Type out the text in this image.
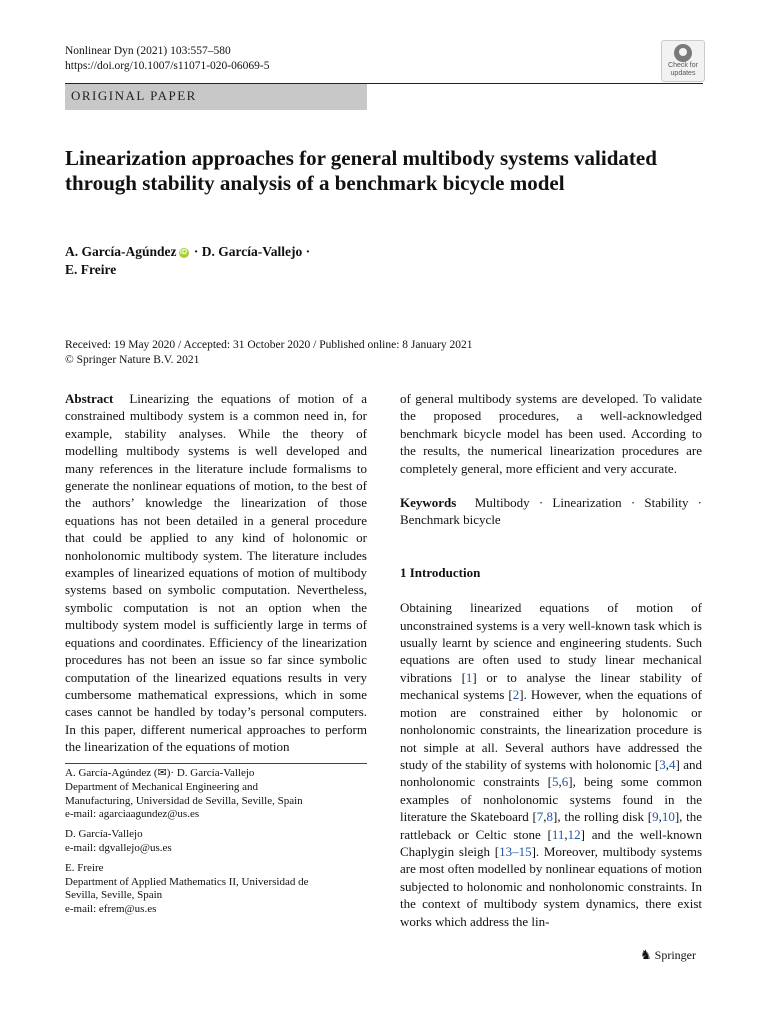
Nonlinear Dyn (2021) 103:557–580
https://doi.org/10.1007/s11071-020-06069-5	Check for
updates
ORIGINAL PAPER
Linearization approaches for general multibody systems validated through stability analysis of a benchmark bicycle model
A. García-Agúndez iD · D. García-Vallejo ·
E. Freire
Received: 19 May 2020 / Accepted: 31 October 2020 / Published online: 8 January 2021
© Springer Nature B.V. 2021

Abstract Linearizing the equations of motion of a constrained multibody system is a common need in, for example, stability analyses. While the theory of modelling multibody systems is well developed and many references in the literature include formalisms to generate the nonlinear equations of motion, to the best of the authors’ knowledge the linearization of those equations has not been detailed in a general procedure that could be applied to any kind of holonomic or nonholonomic multibody system. The literature includes examples of linearized equations of motion of multibody systems based on symbolic computation. Nevertheless, symbolic computation is not an option when the multibody system model is sufficiently large in terms of equations and coordinates. Efficiency of the linearization procedures has not been an issue so far since symbolic computation of the linearized equations results in very cumbersome mathematical expressions, which in some cases cannot be handled by today’s personal computers. In this paper, different numerical approaches to perform the linearization of the equations of motion

A. García-Agúndez (✉)· D. García-Vallejo
Department of Mechanical Engineering and
Manufacturing, Universidad de Sevilla, Seville, Spain
e-mail: agarciaagundez@us.es

D. García-Vallejo
e-mail: dgvallejo@us.es

E. Freire
Department of Applied Mathematics II, Universidad de
Sevilla, Seville, Spain
e-mail: efrem@us.es

of general multibody systems are developed. To validate the proposed procedures, a well-acknowledged benchmark bicycle model has been used. According to the results, the numerical linearization procedures are completely general, more efficient and very accurate.

Keywords Multibody · Linearization · Stability · Benchmark bicycle

1 Introduction

Obtaining linearized equations of motion of unconstrained systems is a very well-known task which is usually learnt by science and engineering students. Such equations are often used to study linear mechanical vibrations [1] or to analyse the linear stability of mechanical systems [2]. However, when the equations of motion are constrained either by holonomic or nonholonomic constraints, the linearization procedure is not simple at all. Several authors have addressed the study of the stability of systems with holonomic [3,4] and nonholonomic constraints [5,6], being some common examples of nonholonomic systems found in the literature the Skateboard [7,8], the rolling disk [9,10], the rattleback or Celtic stone [11,12] and the well-known Chaplygin sleigh [13–15]. Moreover, multibody systems are most often modelled by nonlinear equations of motion subjected to holonomic and nonholonomic constraints. In the context of multibody system dynamics, there exist works which address the lin-

♞ Springer
